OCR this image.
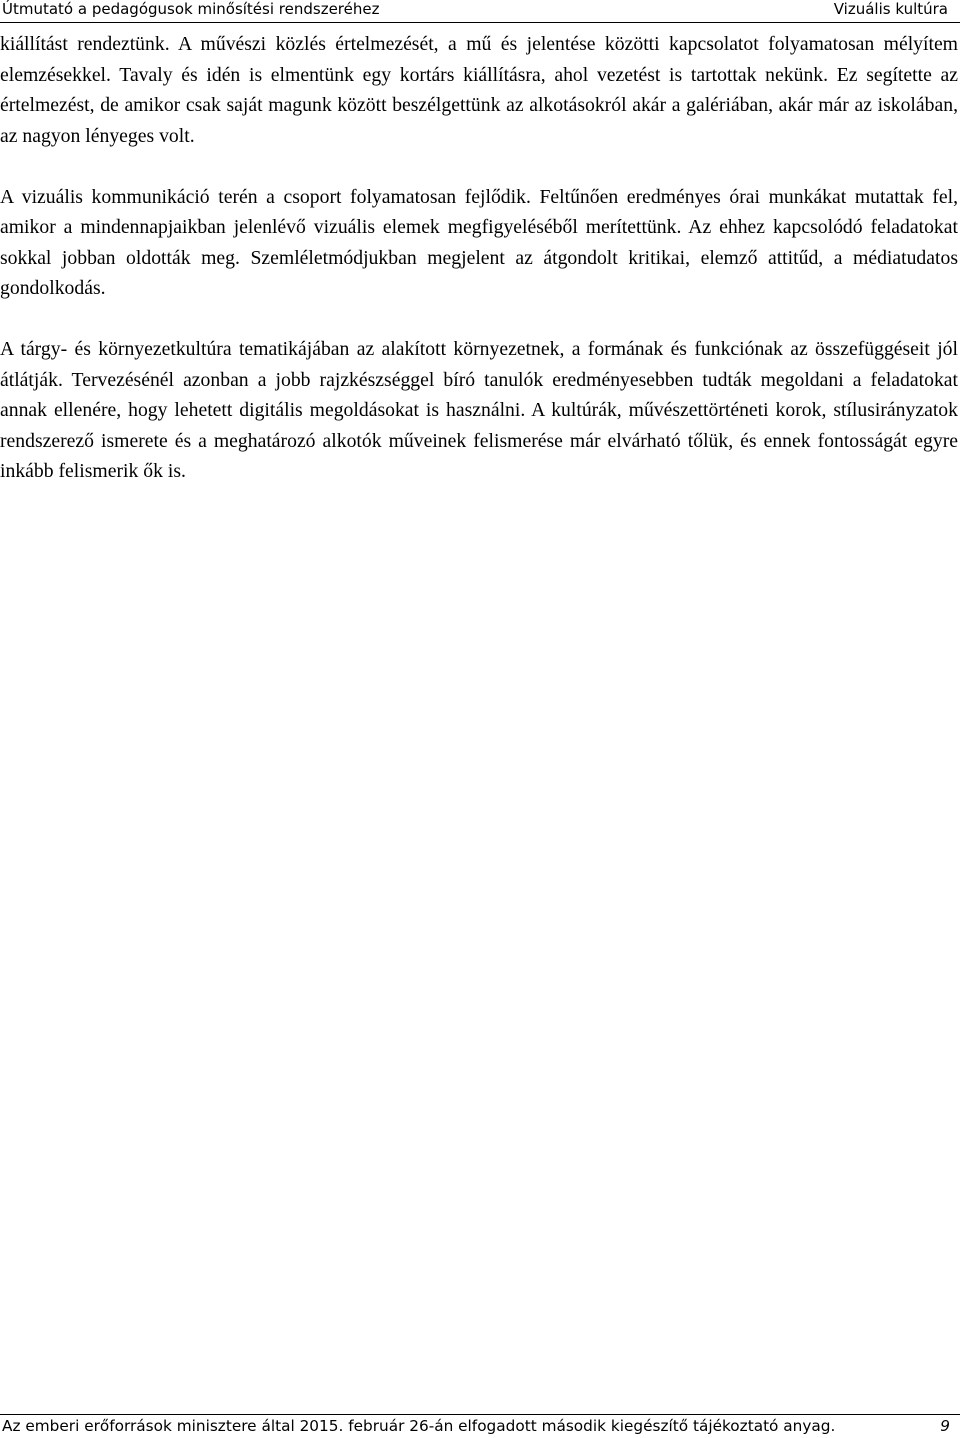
Útmutató a pedagógusok minősítési rendszeréhez	Vizuális kultúra

kiállítást rendeztünk. A művészi közlés értelmezését, a mű és jelentése közötti kapcsolatot folyamatosan mélyítem elemzésekkel. Tavaly és idén is elmentünk egy kortárs kiállításra, ahol vezetést is tartottak nekünk. Ez segítette az értelmezést, de amikor csak saját magunk között beszélgettünk az alkotásokról akár a galériában, akár már az iskolában, az nagyon lényeges volt.

A vizuális kommunikáció terén a csoport folyamatosan fejlődik. Feltűnően eredményes órai munkákat mutattak fel, amikor a mindennapjaikban jelenlévő vizuális elemek megfigyeléséből merítettünk. Az ehhez kapcsolódó feladatokat sokkal jobban oldották meg. Szemléletmódjukban megjelent az átgondolt kritikai, elemző attitűd, a médiatudatos gondolkodás.

A tárgy- és környezetkultúra tematikájában az alakított környezetnek, a formának és funkciónak az összefüggéseit jól átlátják. Tervezésénél azonban a jobb rajzkészséggel bíró tanulók eredményesebben tudták megoldani a feladatokat annak ellenére, hogy lehetett digitális megoldásokat is használni. A kultúrák, művészettörténeti korok, stílusirányzatok rendszerező ismerete és a meghatározó alkotók műveinek felismerése már elvárható tőlük, és ennek fontosságát egyre inkább felismerik ők is.

Az emberi erőforrások minisztere által 2015. február 26-án elfogadott második kiegészítő tájékoztató anyag.	9
